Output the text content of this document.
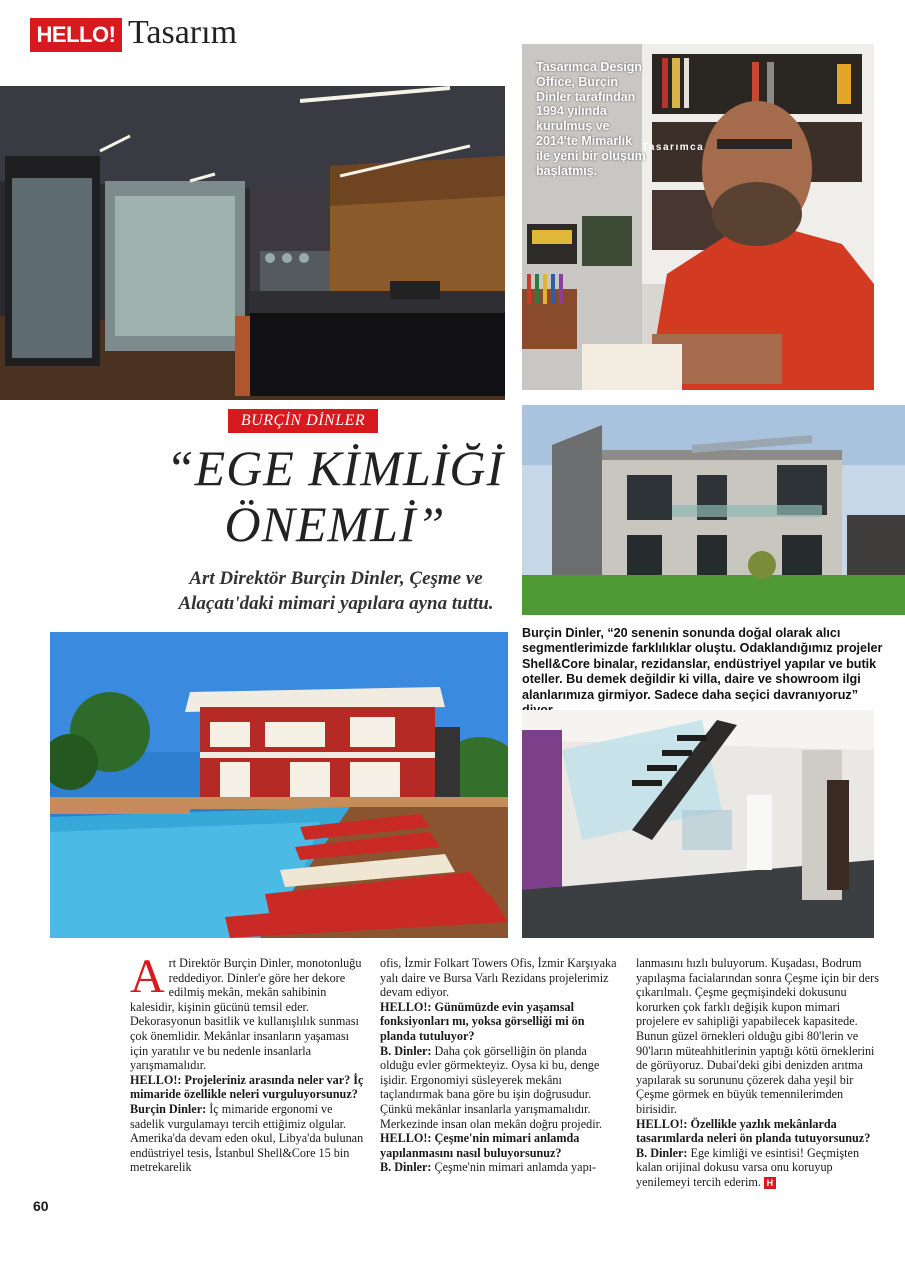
HELLO! Tasarım
Tasarımca Design Office, Burçin Dinler tarafından 1994 yılında kurulmuş ve 2014'te Mimarlık ile yeni bir oluşum başlatmış.
Tasarımca
BURÇİN DİNLER
“EGE KİMLİĞİ
ÖNEMLİ”
Art Direktör Burçin Dinler, Çeşme ve Alaçatı'daki mimari yapılara ayna tuttu.
Burçin Dinler, “20 senenin sonunda doğal olarak alıcı segmentlerimizde farklılıklar oluştu. Odaklandığımız projeler Shell&Core binalar, rezidanslar, endüstriyel yapılar ve butik oteller. Bu demek değildir ki villa, daire ve showroom ilgi alanlarımıza girmiyor. Sadece daha seçici davranıyoruz”
A rt Direktör Burçin Dinler, monotonluğu reddediyor. Dinler'e göre her dekore edilmiş mekân, mekân sahibinin kalesidir, kişinin gücünü temsil eder. Dekorasyonun basitlik ve kullanışlılık sunması çok önemlidir. Mekânlar insanların yaşaması için yaratılır ve bu nedenle insanlarla yarışmamalıdır.

HELLO!: Projeleriniz arasında neler var? İç mimaride özellikle neleri vurguluyorsunuz?

Burçin Dinler: İç mimaride ergonomi ve sadelik vurgulamayı tercih ettiğimiz olgular. Amerika'da devam eden okul, Libya'da bulunan endüstriyel tesis, İstanbul Shell&Core 15 bin metrekarelik

ofis, İzmir Folkart Towers Ofis, İzmir Karşıyaka yalı daire ve Bursa Varlı Rezidans projelerimiz devam ediyor.

HELLO!: Günümüzde evin yaşamsal fonksiyonları mı, yoksa görselliği mi ön planda tutuluyor?

B. Dinler: Daha çok görselliğin ön planda olduğu evler görmekteyiz. Oysa ki bu, denge işidir. Ergonomiyi süsleyerek mekânı taçlandırmak bana göre bu işin doğrusudur. Çünkü mekânlar insanlarla yarışmamalıdır. Merkezinde insan olan mekân doğru projedir.

HELLO!: Çeşme'nin mimari anlamda yapılanmasını nasıl buluyorsunuz?

B. Dinler: Çeşme'nin mimari anlamda yapı-

lanmasını hızlı buluyorum. Kuşadası, Bodrum yapılaşma facialarından sonra Çeşme için bir ders çıkarılmalı. Çeşme geçmişindeki dokusunu korurken çok farklı değişik kupon mimari projelere ev sahipliği yapabilecek kapasitede. Bunun güzel örnekleri olduğu gibi 80'lerin ve 90'ların müteahhitlerinin yaptığı kötü örneklerini de görüyoruz. Dubai'deki gibi denizden arıtma yapılarak su sorununu çözerek daha yeşil bir Çeşme görmek en büyük temennilerimden birisidir.

HELLO!: Özellikle yazlık mekânlarda tasarımlarda neleri ön planda tutuyorsunuz?

B. Dinler: Ege kimliği ve esintisi! Geçmişten kalan orijinal dokusu varsa onu koruyup yenilemeyi tercih ederim. H

60
